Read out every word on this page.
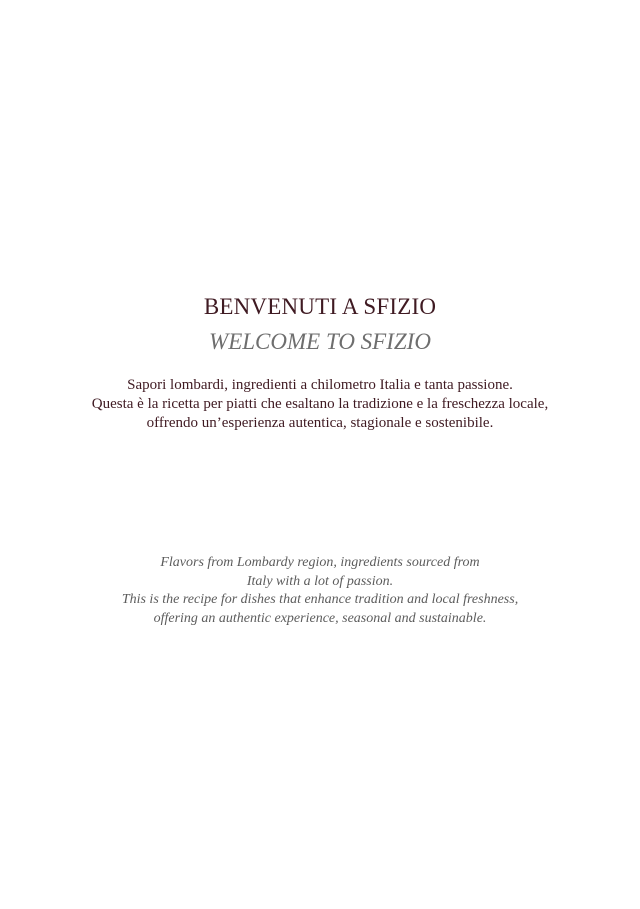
BENVENUTI A SFIZIO
WELCOME TO SFIZIO
Sapori lombardi, ingredienti a chilometro Italia e tanta passione.
Questa è la ricetta per piatti che esaltano la tradizione e la freschezza locale,
offrendo un’esperienza autentica, stagionale e sostenibile.
Flavors from Lombardy region, ingredients sourced from
Italy with a lot of passion.
This is the recipe for dishes that enhance tradition and local freshness,
offering an authentic experience, seasonal and sustainable.
